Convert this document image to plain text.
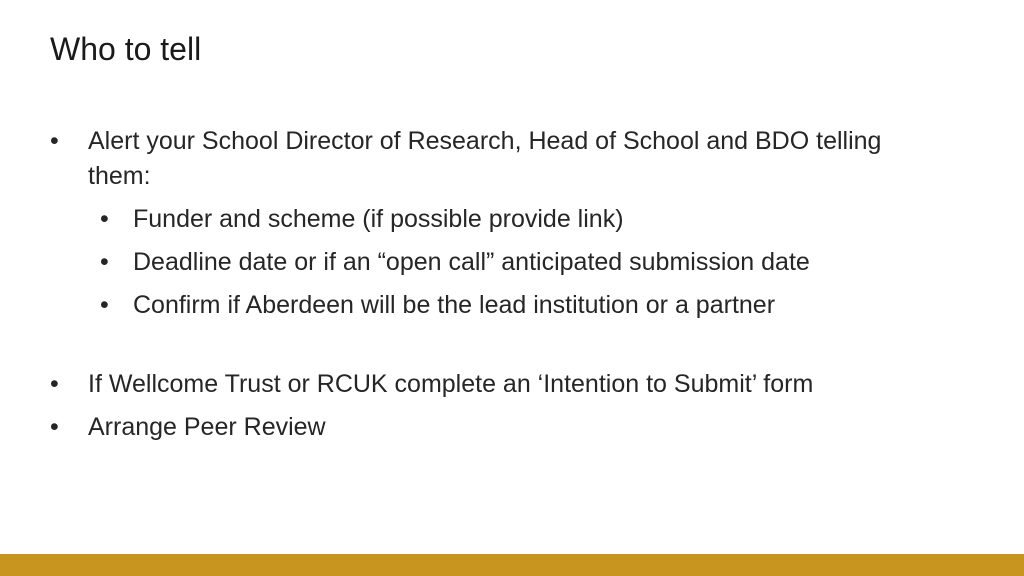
Who to tell
•	Alert your School Director of Research, Head of School and BDO telling them:
• Funder and scheme (if possible provide link)
• Deadline date or if an “open call” anticipated submission date
• Confirm if Aberdeen will be the lead institution or a partner
•	If Wellcome Trust or RCUK complete an ‘Intention to Submit’ form
•	Arrange Peer Review
